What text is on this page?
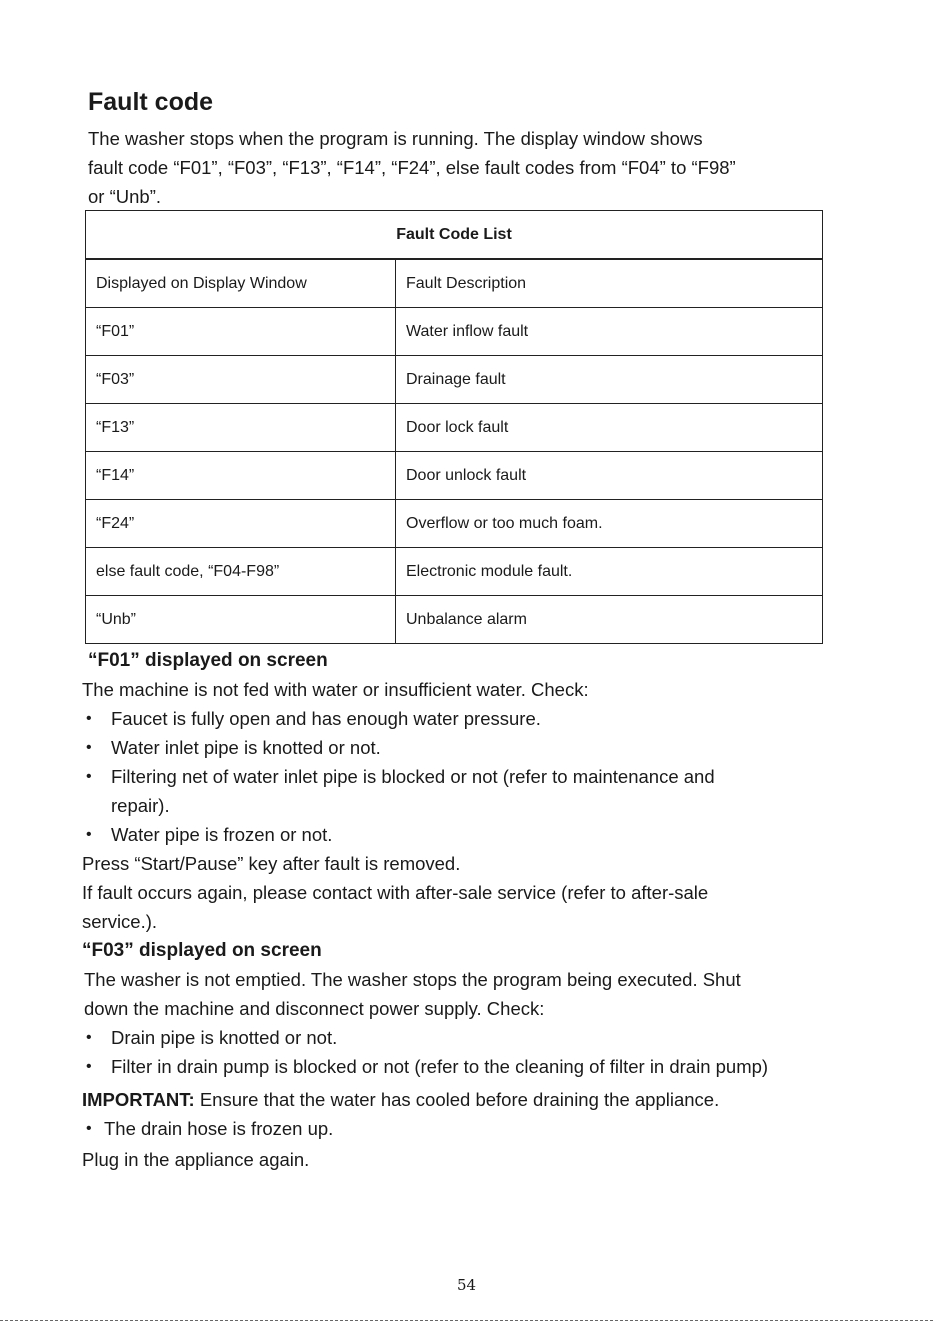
Fault code

The washer stops when the program is running. The display window shows
fault code “F01”, “F03”, “F13”, “F14”, “F24”, else fault codes from “F04” to “F98”
or “Unb”.

Fault Code List	
Displayed on Display Window	Fault Description
“F01”	Water inflow fault
“F03”	Drainage fault
“F13”	Door lock fault
“F14”	Door unlock fault
“F24”	Overflow or too much foam.
else fault code, “F04-F98”	Electronic module fault.
“Unb”	Unbalance alarm
“F01” displayed on screen
The machine is not fed with water or insufficient water. Check:
• Faucet is fully open and has enough water pressure.
• Water inlet pipe is knotted or not.
• Filtering net of water inlet pipe is blocked or not (refer to maintenance and
repair).
• Water pipe is frozen or not.
Press “Start/Pause” key after fault is removed.
If fault occurs again, please contact with after-sale service (refer to after-sale
service.).
“F03” displayed on screen
The washer is not emptied. The washer stops the program being executed. Shut
down the machine and disconnect power supply. Check:
• Drain pipe is knotted or not.
• Filter in drain pump is blocked or not (refer to the cleaning of filter in drain pump)
IMPORTANT: Ensure that the water has cooled before draining the appliance.
• The drain hose is frozen up.
Plug in the appliance again.
54
